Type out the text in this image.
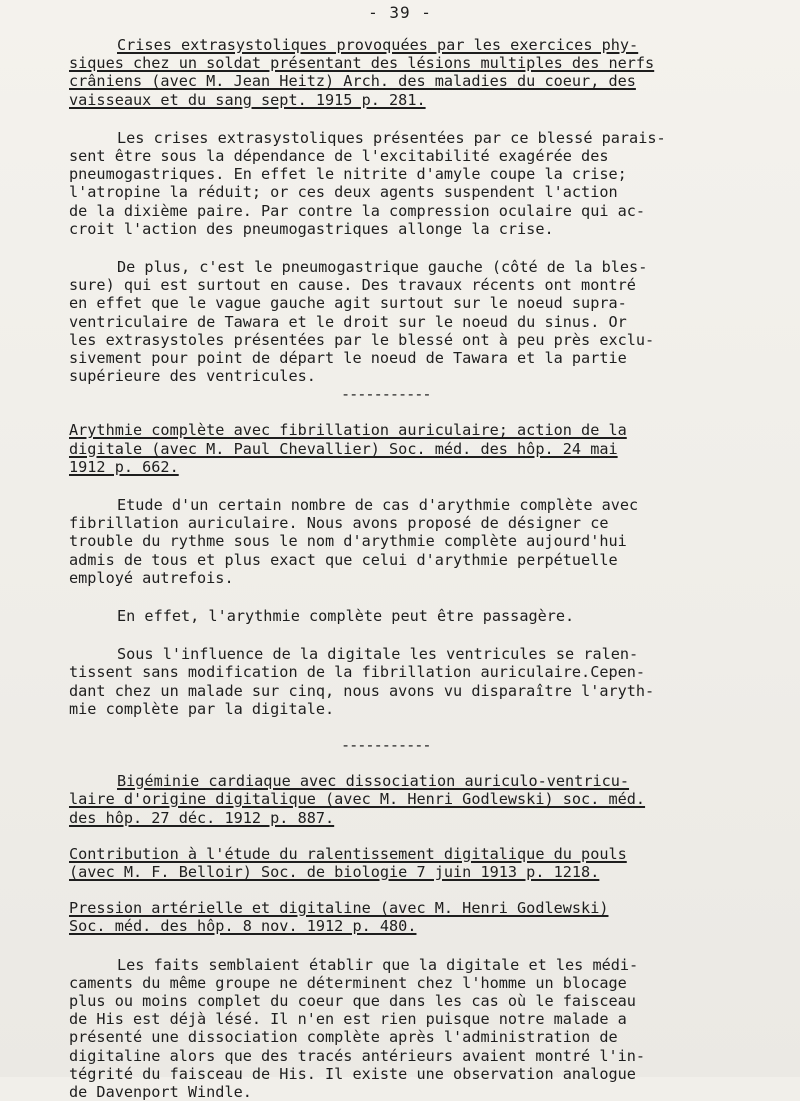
- 39 -
Crises extrasystoliques provoquées par les exercices phy-
siques chez un soldat présentant des lésions multiples des nerfs
crâniens (avec M. Jean Heitz) Arch. des maladies du coeur, des
vaisseaux et du sang sept. 1915 p. 281.
Les crises extrasystoliques présentées par ce blessé parais-
sent être sous la dépendance de l'excitabilité exagérée des
pneumogastriques. En effet le nitrite d'amyle coupe la crise;
l'atropine la réduit; or ces deux agents suspendent l'action
de la dixième paire. Par contre la compression oculaire qui ac-
croit l'action des pneumogastriques allonge la crise.
De plus, c'est le pneumogastrique gauche (côté de la bles-
sure) qui est surtout en cause. Des travaux récents ont montré
en effet que le vague gauche agit surtout sur le noeud supra-
ventriculaire de Tawara et le droit sur le noeud du sinus. Or
les extrasystoles présentées par le blessé ont à peu près exclu-
sivement pour point de départ le noeud de Tawara et la partie
supérieure des ventricules.
-----------
Arythmie complète avec fibrillation auriculaire; action de la
digitale (avec M. Paul Chevallier) Soc. méd. des hôp. 24 mai
1912 p. 662.
Etude d'un certain nombre de cas d'arythmie complète avec
fibrillation auriculaire. Nous avons proposé de désigner ce
trouble du rythme sous le nom d'arythmie complète aujourd'hui
admis de tous et plus exact que celui d'arythmie perpétuelle
employé autrefois.
En effet, l'arythmie complète peut être passagère.
Sous l'influence de la digitale les ventricules se ralen-
tissent sans modification de la fibrillation auriculaire.Cepen-
dant chez un malade sur cinq, nous avons vu disparaître l'aryth-
mie complète par la digitale.
-----------
Bigéminie cardiaque avec dissociation auriculo-ventricu-
laire d'origine digitalique (avec M. Henri Godlewski) soc. méd.
des hôp. 27 déc. 1912 p. 887.
Contribution à l'étude du ralentissement digitalique du pouls
(avec M. F. Belloir) Soc. de biologie 7 juin 1913 p. 1218.
Pression artérielle et digitaline (avec M. Henri Godlewski)
Soc. méd. des hôp. 8 nov. 1912 p. 480.
Les faits semblaient établir que la digitale et les médi-
caments du même groupe ne déterminent chez l'homme un blocage
plus ou moins complet du coeur que dans les cas où le faisceau
de His est déjà lésé. Il n'en est rien puisque notre malade a
présenté une dissociation complète après l'administration de
digitaline alors que des tracés antérieurs avaient montré l'in-
tégrité du faisceau de His. Il existe une observation analogue
de Davenport Windle.
